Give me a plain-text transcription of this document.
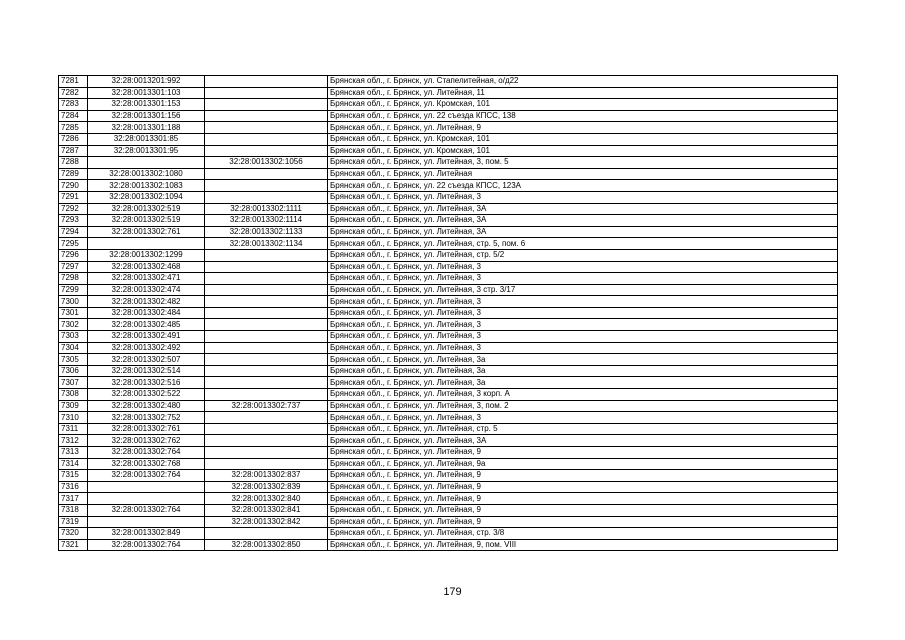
7281	32:28:0013201:992		Брянская обл., г. Брянск, ул. Стапелитейная, о/д22
7282	32:28:0013301:103		Брянская обл., г. Брянск, ул. Литейная, 11
7283	32:28:0013301:153		Брянская обл., г. Брянск, ул. Кромская, 101
7284	32:28:0013301:156		Брянская обл., г. Брянск, ул. 22 съезда КПСС, 138
7285	32:28:0013301:188		Брянская обл., г. Брянск, ул. Литейная, 9
7286	32:28:0013301:85		Брянская обл., г. Брянск, ул. Кромская, 101
7287	32:28:0013301:95		Брянская обл., г. Брянск, ул. Кромская, 101
7288		32:28:0013302:1056	Брянская обл., г. Брянск, ул. Литейная, 3, пом. 5
7289	32:28:0013302:1080		Брянская обл., г. Брянск, ул. Литейная
7290	32:28:0013302:1083		Брянская обл., г. Брянск, ул. 22 съезда КПСС, 123А
7291	32:28:0013302:1094		Брянская обл., г. Брянск, ул. Литейная, 3
7292	32:28:0013302:519	32:28:0013302:1111	Брянская обл., г. Брянск, ул. Литейная, 3А
7293	32:28:0013302:519	32:28:0013302:1114	Брянская обл., г. Брянск, ул. Литейная, 3А
7294	32:28:0013302:761	32:28:0013302:1133	Брянская обл., г. Брянск, ул. Литейная, 3А
7295		32:28:0013302:1134	Брянская обл., г. Брянск, ул. Литейная, стр. 5, пом. 6
7296	32:28:0013302:1299		Брянская обл., г. Брянск, ул. Литейная, стр. 5/2
7297	32:28:0013302:468		Брянская обл., г. Брянск, ул. Литейная, 3
7298	32:28:0013302:471		Брянская обл., г. Брянск, ул. Литейная, 3
7299	32:28:0013302:474		Брянская обл., г. Брянск, ул. Литейная, 3 стр. 3/17
7300	32:28:0013302:482		Брянская обл., г. Брянск, ул. Литейная, 3
7301	32:28:0013302:484		Брянская обл., г. Брянск, ул. Литейная, 3
7302	32:28:0013302:485		Брянская обл., г. Брянск, ул. Литейная, 3
7303	32:28:0013302:491		Брянская обл., г. Брянск, ул. Литейная, 3
7304	32:28:0013302:492		Брянская обл., г. Брянск, ул. Литейная, 3
7305	32:28:0013302:507		Брянская обл., г. Брянск, ул. Литейная, 3а
7306	32:28:0013302:514		Брянская обл., г. Брянск, ул. Литейная, 3а
7307	32:28:0013302:516		Брянская обл., г. Брянск, ул. Литейная, 3а
7308	32:28:0013302:522		Брянская обл., г. Брянск, ул. Литейная, 3 корп. А
7309	32:28:0013302:480	32:28:0013302:737	Брянская обл., г. Брянск, ул. Литейная, 3, пом. 2
7310	32:28:0013302:752		Брянская обл., г. Брянск, ул. Литейная, 3
7311	32:28:0013302:761		Брянская обл., г. Брянск, ул. Литейная, стр. 5
7312	32:28:0013302:762		Брянская обл., г. Брянск, ул. Литейная, 3А
7313	32:28:0013302:764		Брянская обл., г. Брянск, ул. Литейная, 9
7314	32:28:0013302:768		Брянская обл., г. Брянск, ул. Литейная, 9а
7315	32:28:0013302:764	32:28:0013302:837	Брянская обл., г. Брянск, ул. Литейная, 9
7316		32:28:0013302:839	Брянская обл., г. Брянск, ул. Литейная, 9
7317		32:28:0013302:840	Брянская обл., г. Брянск, ул. Литейная, 9
7318	32:28:0013302:764	32:28:0013302:841	Брянская обл., г. Брянск, ул. Литейная, 9
7319		32:28:0013302:842	Брянская обл., г. Брянск, ул. Литейная, 9
7320	32:28:0013302:849		Брянская обл., г. Брянск, ул. Литейная, стр. 3/8
7321	32:28:0013302:764	32:28:0013302:850	Брянская обл., г. Брянск, ул. Литейная, 9, пом. VIII
179
